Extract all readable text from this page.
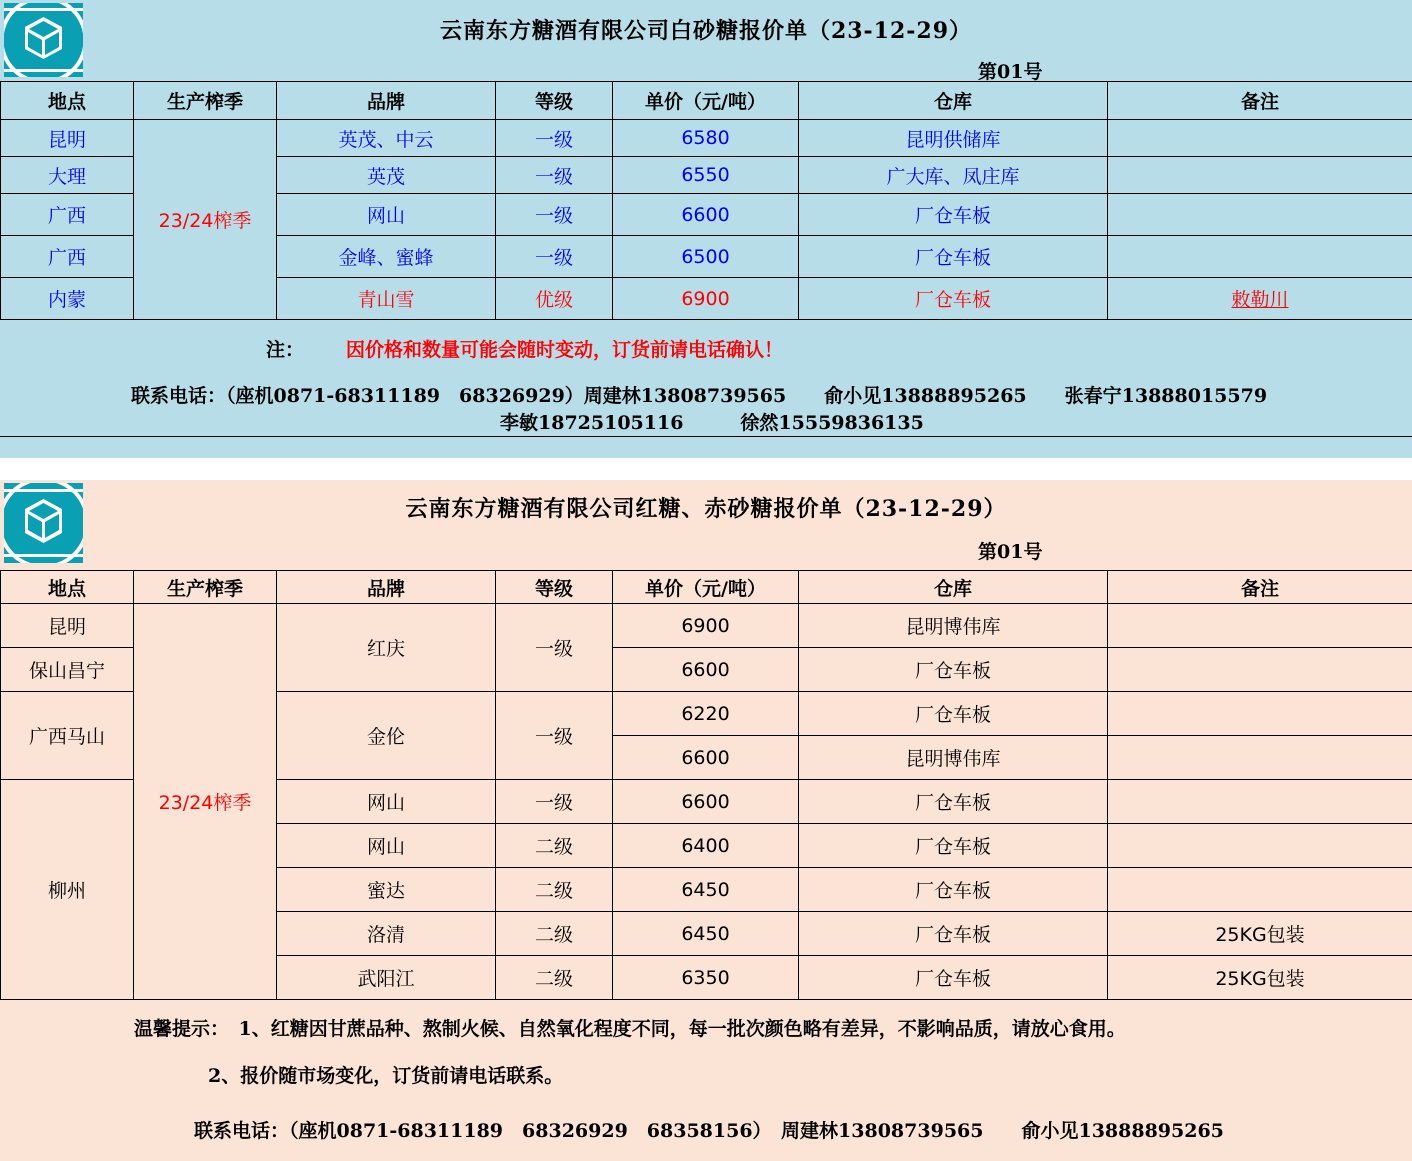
云南东方糖酒有限公司白砂糖报价单（23-12-29）
第01号
地点	生产榨季	品牌	等级	单价（元/吨）	仓库	备注
昆明	23/24榨季	英茂、中云	一级	6580	昆明供储库	
大理		英茂	一级	6550	广大库、凤庄库	
广西		网山	一级	6600	厂仓车板	
广西		金峰、蜜蜂	一级	6500	厂仓车板	
内蒙		青山雪	优级	6900	厂仓车板	敕勒川
注： 因价格和数量可能会随时变动，订货前请电话确认！
联系电话：（座机0871-68311189　68326929）周建林13808739565　　俞小见13888895265　　张春宁13888015579
李敏18725105116　　　徐然15559836135
云南东方糖酒有限公司红糖、赤砂糖报价单（23-12-29）
第01号
地点	生产榨季	品牌	等级	单价（元/吨）	仓库	备注
昆明	23/24榨季	红庆	一级	6900	昆明博伟库	
保山昌宁				6600	厂仓车板	
广西马山		金伦	一级	6220	厂仓车板	
				6600	昆明博伟库	
柳州		网山	一级	6600	厂仓车板	
		网山	二级	6400	厂仓车板	
		蜜达	二级	6450	厂仓车板	
		洛清	二级	6450	厂仓车板	25KG包装
		武阳江	二级	6350	厂仓车板	25KG包装
温馨提示：　1、红糖因甘蔗品种、熬制火候、自然氧化程度不同，每一批次颜色略有差异，不影响品质，请放心食用。
2、报价随市场变化，订货前请电话联系。
联系电话：（座机0871-68311189　68326929　68358156）　周建林13808739565　　俞小见13888895265
